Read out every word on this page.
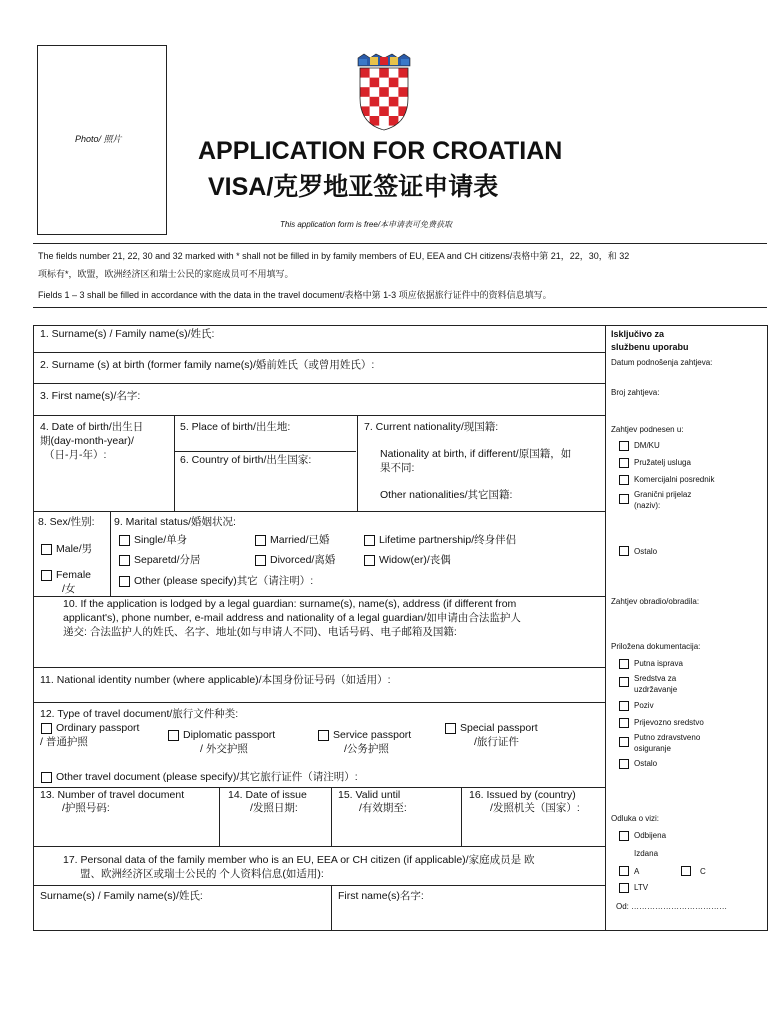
Photo/ 照片	APPLICATION FOR CROATIAN
VISA/克罗地亚签证申请表
This application form is free/本申请表可免费获取
The fields number 21, 22, 30 and 32 marked with * shall not be filled in by family members of EU, EEA and CH citizens/表格中第 21，22，30，和 32
项标有*，欧盟，欧洲经济区和瑞士公民的家庭成员可不用填写。
Fields 1 – 3 shall be filled in accordance with the data in the travel document/表格中第 1-3 项应依据旅行证件中的资料信息填写。
1. Surname(s) / Family name(s)/姓氏:
2. Surname (s) at birth (former family name(s)/婚前姓氏（或曾用姓氏）:
3. First name(s)/名字:
4. Date of birth/出生日
期(day-month-year)/
（日-月-年）:
5. Place of birth/出生地:
6. Country of birth/出生国家:
7. Current nationality/现国籍:
Nationality at birth, if different/原国籍，如
果不同:
Other nationalities/其它国籍:
8. Sex/性别:
Male/男
Female
/女
9. Marital status/婚姻状况:
Single/单身	Married/已婚	Lifetime partnership/终身伴侣
Separetd/分居	Divorced/离婚	Widow(er)/丧偶
Other (please specify)其它（请注明）:
10. If the application is lodged by a legal guardian: surname(s), name(s), address (if different from
applicant's), phone number, e-mail address and nationality of a legal guardian/如申请由合法监护人
递交: 合法监护人的姓氏、名字、地址(如与申请人不同)、电话号码、电子邮箱及国籍:
11. National identity number (where applicable)/本国身份证号码（如适用）:
12. Type of travel document/旅行文件种类:
Ordinary passport
/ 普通护照
Diplomatic passport
/ 外交护照
Service passport
/公务护照
Special passport
/旅行证件
Other travel document (please specify)/其它旅行证件（请注明）:
13. Number of travel document
/护照号码:
14. Date of issue
/发照日期:
15. Valid until
/有效期至:
16. Issued by (country)
/发照机关（国家）:
17. Personal data of the family member who is an EU, EEA or CH citizen (if applicable)/家庭成员是 欧
盟、欧洲经济区或瑞士公民的 个人资料信息(如适用):
Surname(s) / Family name(s)/姓氏:	First name(s)名字:
Isključivo za
službenu uporabu
Datum podnošenja zahtjeva:
Broj zahtjeva:
Zahtjev podnesen u:
DM/KU
Pružatelj usluga
Komercijalni posrednik
Granični prijelaz
(naziv):
Ostalo
Zahtjev obradio/obradila:
Priložena dokumentacija:
Putna isprava
Sredstva za
uzdržavanje
Poziv
Prijevozno sredstvo
Putno zdravstveno
osiguranje
Ostalo
Odluka o vizi:
Odbijena
Izdana
A	C
LTV
Od: ………………………………
